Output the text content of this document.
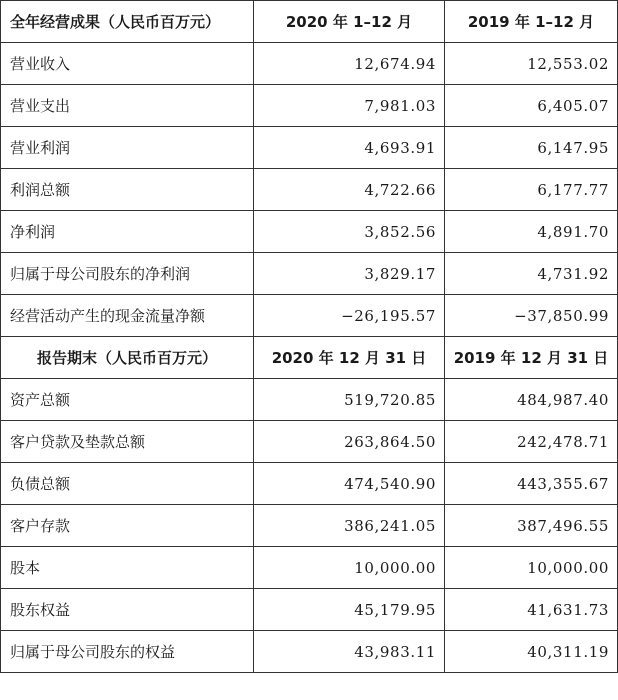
全年经营成果（人民币百万元）	2020 年 1–12 月	2019 年 1–12 月
营业收入	12,674.94	12,553.02
营业支出	7,981.03	6,405.07
营业利润	4,693.91	6,147.95
利润总额	4,722.66	6,177.77
净利润	3,852.56	4,891.70
归属于母公司股东的净利润	3,829.17	4,731.92
经营活动产生的现金流量净额	−26,195.57	−37,850.99
报告期末（人民币百万元）	2020 年 12 月 31 日	2019 年 12 月 31 日
资产总额	519,720.85	484,987.40
客户贷款及垫款总额	263,864.50	242,478.71
负债总额	474,540.90	443,355.67
客户存款	386,241.05	387,496.55
股本	10,000.00	10,000.00
股东权益	45,179.95	41,631.73
归属于母公司股东的权益	43,983.11	40,311.19
